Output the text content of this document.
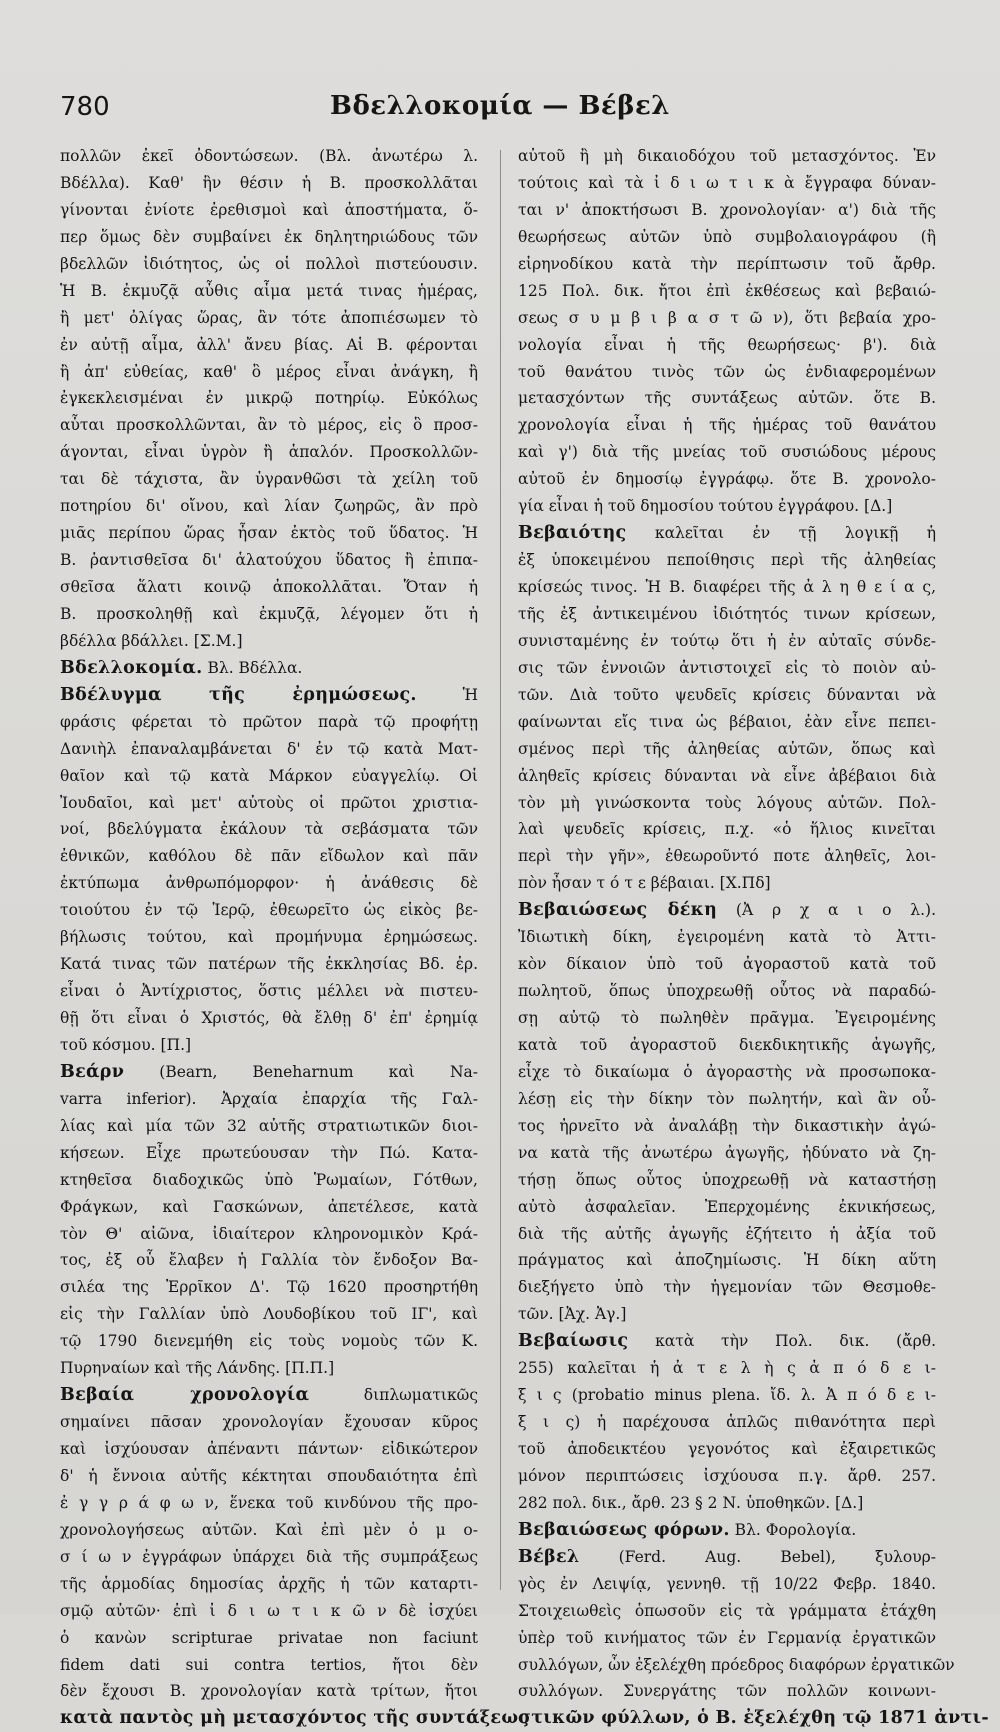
780	Βδελλοκομία — Βέβελ
πολλῶν ἐκεῖ ὀδοντώσεων. (Βλ. ἀνωτέρω λ.
Βδέλλα). Καθ' ἣν θέσιν ἡ Β. προσκολλᾶται
γίνονται ἐνίοτε ἐρεθισμοὶ καὶ ἀποστήματα, ὅ-
περ ὅμως δὲν συμβαίνει ἐκ δηλητηριώδους τῶν
βδελλῶν ἰδιότητος, ὡς οἱ πολλοὶ πιστεύουσιν.
Ἡ Β. ἐκμυζᾷ αὖθις αἷμα μετά τινας ἡμέρας,
ἢ μετ' ὀλίγας ὥρας, ἂν τότε ἀποπιέσωμεν τὸ
ἐν αὐτῇ αἷμα, ἀλλ' ἄνευ βίας. Αἱ Β. φέρονται
ἢ ἀπ' εὐθείας, καθ' ὃ μέρος εἶναι ἀνάγκη, ἢ
ἐγκεκλεισμέναι ἐν μικρῷ ποτηρίῳ. Εὐκόλως
αὗται προσκολλῶνται, ἂν τὸ μέρος, εἰς ὃ προσ-
άγονται, εἶναι ὑγρὸν ἢ ἁπαλόν. Προσκολλῶν-
ται δὲ τάχιστα, ἂν ὑγρανθῶσι τὰ χείλη τοῦ
ποτηρίου δι' οἴνου, καὶ λίαν ζωηρῶς, ἂν πρὸ
μιᾶς περίπου ὥρας ἦσαν ἐκτὸς τοῦ ὕδατος. Ἡ
Β. ῥαντισθεῖσα δι' ἁλατούχου ὕδατος ἢ ἐπιπα-
σθεῖσα ἅλατι κοινῷ ἀποκολλᾶται. Ὅταν ἡ
Β. προσκοληθῇ καὶ ἐκμυζᾷ, λέγομεν ὅτι ἡ
βδέλλα βδάλλει. [Σ.Μ.]
Βδελλοκομία. Βλ. Βδέλλα.
Βδέλυγμα τῆς ἐρημώσεως. Ἡ
φράσις φέρεται τὸ πρῶτον παρὰ τῷ προφήτῃ
Δανιὴλ ἐπαναλαμβάνεται δ' ἐν τῷ κατὰ Ματ-
θαῖον καὶ τῷ κατὰ Μάρκον εὐαγγελίῳ. Οἱ
Ἰουδαῖοι, καὶ μετ' αὐτοὺς οἱ πρῶτοι χριστια-
νοί, βδελύγματα ἐκάλουν τὰ σεβάσματα τῶν
ἐθνικῶν, καθόλου δὲ πᾶν εἴδωλον καὶ πᾶν
ἐκτύπωμα ἀνθρωπόμορφον· ἡ ἀνάθεσις δὲ
τοιούτου ἐν τῷ Ἱερῷ, ἐθεωρεῖτο ὡς εἰκὸς βε-
βήλωσις τούτου, καὶ προμήνυμα ἐρημώσεως.
Κατά τινας τῶν πατέρων τῆς ἐκκλησίας Βδ. ἐρ.
εἶναι ὁ Ἀντίχριστος, ὅστις μέλλει νὰ πιστευ-
θῇ ὅτι εἶναι ὁ Χριστός, θὰ ἔλθῃ δ' ἐπ' ἐρημίᾳ
τοῦ κόσμου. [Π.]
Βεάρν (Bearn, Beneharnum καὶ Na-
varra inferior). Ἀρχαία ἐπαρχία τῆς Γαλ-
λίας καὶ μία τῶν 32 αὐτῆς στρατιωτικῶν διοι-
κήσεων. Εἶχε πρωτεύουσαν τὴν Πώ. Κατα-
κτηθεῖσα διαδοχικῶς ὑπὸ Ῥωμαίων, Γότθων,
Φράγκων, καὶ Γασκώνων, ἀπετέλεσε, κατὰ
τὸν Θ' αἰῶνα, ἰδιαίτερον κληρονομικὸν Κρά-
τος, ἐξ οὗ ἔλαβεν ἡ Γαλλία τὸν ἔνδοξον Βα-
σιλέα της Ἐρρῖκον Δ'. Τῷ 1620 προσηρτήθη
εἰς τὴν Γαλλίαν ὑπὸ Λουδοβίκου τοῦ ΙΓ', καὶ
τῷ 1790 διενεμήθη εἰς τοὺς νομοὺς τῶν Κ.
Πυρηναίων καὶ τῆς Λάνδης. [Π.Π.]
Βεβαία χρονολογία διπλωματικῶς
σημαίνει πᾶσαν χρονολογίαν ἔχουσαν κῦρος
καὶ ἰσχύουσαν ἀπέναντι πάντων· εἰδικώτερον
δ' ἡ ἔννοια αὐτῆς κέκτηται σπουδαιότητα ἐπὶ
ἐ γ γ ρ ά φ ω ν, ἕνεκα τοῦ κινδύνου τῆς προ-
χρονολογήσεως αὐτῶν. Καὶ ἐπὶ μὲν ὁ μ ο-
σ ί ω ν ἐγγράφων ὑπάρχει διὰ τῆς συμπράξεως
τῆς ἁρμοδίας δημοσίας ἀρχῆς ἡ τῶν καταρτι-
σμῷ αὐτῶν· ἐπὶ ἰ δ ι ω τ ι κ ῶ ν δὲ ἰσχύει
ὁ κανὼν scripturae privatae non faciunt
fidem dati sui contra tertios, ἤτοι δὲν
δὲν ἔχουσι Β. χρονολογίαν κατὰ τρίτων, ἤτοι
κατὰ παντὸς μὴ μετασχόντος τῆς συντάξεως
αὐτοῦ ἢ μὴ δικαιοδόχου τοῦ μετασχόντος. Ἐν
τούτοις καὶ τὰ ἰ δ ι ω τ ι κ ὰ ἔγγραφα δύναν-
ται ν' ἀποκτήσωσι Β. χρονολογίαν· α') διὰ τῆς
θεωρήσεως αὐτῶν ὑπὸ συμβολαιογράφου (ἢ
εἰρηνοδίκου κατὰ τὴν περίπτωσιν τοῦ ἄρθρ.
125 Πολ. δικ. ἤτοι ἐπὶ ἐκθέσεως καὶ βεβαιώ-
σεως σ υ μ β ι β α σ τ ῶ ν), ὅτι βεβαία χρο-
νολογία εἶναι ἡ τῆς θεωρήσεως· β'). διὰ
τοῦ θανάτου τινὸς τῶν ὡς ἐνδιαφερομένων
μετασχόντων τῆς συντάξεως αὐτῶν. ὅτε Β.
χρονολογία εἶναι ἡ τῆς ἡμέρας τοῦ θανάτου
καὶ γ') διὰ τῆς μνείας τοῦ συσιώδους μέρους
αὐτοῦ ἐν δημοσίῳ ἐγγράφῳ. ὅτε Β. χρονολο-
γία εἶναι ἡ τοῦ δημοσίου τούτου ἐγγράφου. [Δ.]
Βεβαιότης καλεῖται ἐν τῇ λογικῇ ἡ
ἐξ ὑποκειμένου πεποίθησις περὶ τῆς ἀληθείας
κρίσεώς τινος. Ἡ Β. διαφέρει τῆς ἀ λ η θ ε ί α ς,
τῆς ἐξ ἀντικειμένου ἰδιότητός τινων κρίσεων,
συνισταμένης ἐν τούτῳ ὅτι ἡ ἐν αὐταῖς σύνδε-
σις τῶν ἐννοιῶν ἀντιστοιχεῖ εἰς τὸ ποιὸν αὐ-
τῶν. Διὰ τοῦτο ψευδεῖς κρίσεις δύνανται νὰ
φαίνωνται εἴς τινα ὡς βέβαιοι, ἐὰν εἶνε πεπει-
σμένος περὶ τῆς ἀληθείας αὐτῶν, ὅπως καὶ
ἀληθεῖς κρίσεις δύνανται νὰ εἶνε ἀβέβαιοι διὰ
τὸν μὴ γινώσκοντα τοὺς λόγους αὐτῶν. Πολ-
λαὶ ψευδεῖς κρίσεις, π.χ. «ὁ ἥλιος κινεῖται
περὶ τὴν γῆν», ἐθεωροῦντό ποτε ἀληθεῖς, λοι-
πὸν ἦσαν τ ό τ ε βέβαιαι. [Χ.Πδ]
Βεβαιώσεως δέκη (Ἀ ρ χ α ι ο λ.).
Ἰδιωτικὴ δίκη, ἐγειρομένη κατὰ τὸ Ἀττι-
κὸν δίκαιον ὑπὸ τοῦ ἀγοραστοῦ κατὰ τοῦ
πωλητοῦ, ὅπως ὑποχρεωθῇ οὗτος νὰ παραδώ-
σῃ αὐτῷ τὸ πωληθὲν πρᾶγμα. Ἐγειρομένης
κατὰ τοῦ ἀγοραστοῦ διεκδικητικῆς ἀγωγῆς,
εἶχε τὸ δικαίωμα ὁ ἀγοραστὴς νὰ προσωποκα-
λέσῃ εἰς τὴν δίκην τὸν πωλητήν, καὶ ἂν οὗ-
τος ἠρνεῖτο νὰ ἀναλάβῃ τὴν δικαστικὴν ἀγώ-
να κατὰ τῆς ἀνωτέρω ἀγωγῆς, ἠδύνατο νὰ ζη-
τήσῃ ὅπως οὗτος ὑποχρεωθῇ νὰ καταστήσῃ
αὐτὸ ἀσφαλεῖαν. Ἐπερχομένης ἐκνικήσεως,
διὰ τῆς αὐτῆς ἀγωγῆς ἐζήτειτο ἡ ἀξία τοῦ
πράγματος καὶ ἀποζημίωσις. Ἡ δίκη αὕτη
διεξήγετο ὑπὸ τὴν ἡγεμονίαν τῶν Θεσμοθε-
τῶν. [Ἀχ. Ἀγ.]
Βεβαίωσις κατὰ τὴν Πολ. δικ. (ἄρθ.
255) καλεῖται ἡ ἀ τ ε λ ὴ ς ἀ π ό δ ε ι-
ξ ι ς (probatio minus plena. ἴδ. λ. Ἀ π ό δ ε ι-
ξ ι ς) ἡ παρέχουσα ἁπλῶς πιθανότητα περὶ
τοῦ ἀποδεικτέου γεγονότος καὶ ἐξαιρετικῶς
μόνον περιπτώσεις ἰσχύουσα π.γ. ἄρθ. 257.
282 πολ. δικ., ἄρθ. 23 § 2 Ν. ὑποθηκῶν. [Δ.]
Βεβαιώσεως φόρων. Βλ. Φορολογία.
Βέβελ (Ferd. Aug. Bebel), ξυλουρ-
γὸς ἐν Λειψίᾳ, γεννηθ. τῇ 10/22 Φεβρ. 1840.
Στοιχειωθεὶς ὁπωσοῦν εἰς τὰ γράμματα ἐτάχθη
ὑπὲρ τοῦ κινήματος τῶν ἐν Γερμανίᾳ ἐργατικῶν
συλλόγων, ὧν ἐξελέχθη πρόεδρος διαφόρων ἐργατικῶν
συλλόγων. Συνεργάτης τῶν πολλῶν κοινωνι-
στικῶν φύλλων, ὁ Β. ἐξελέχθη τῷ 1871 ἀντι-
